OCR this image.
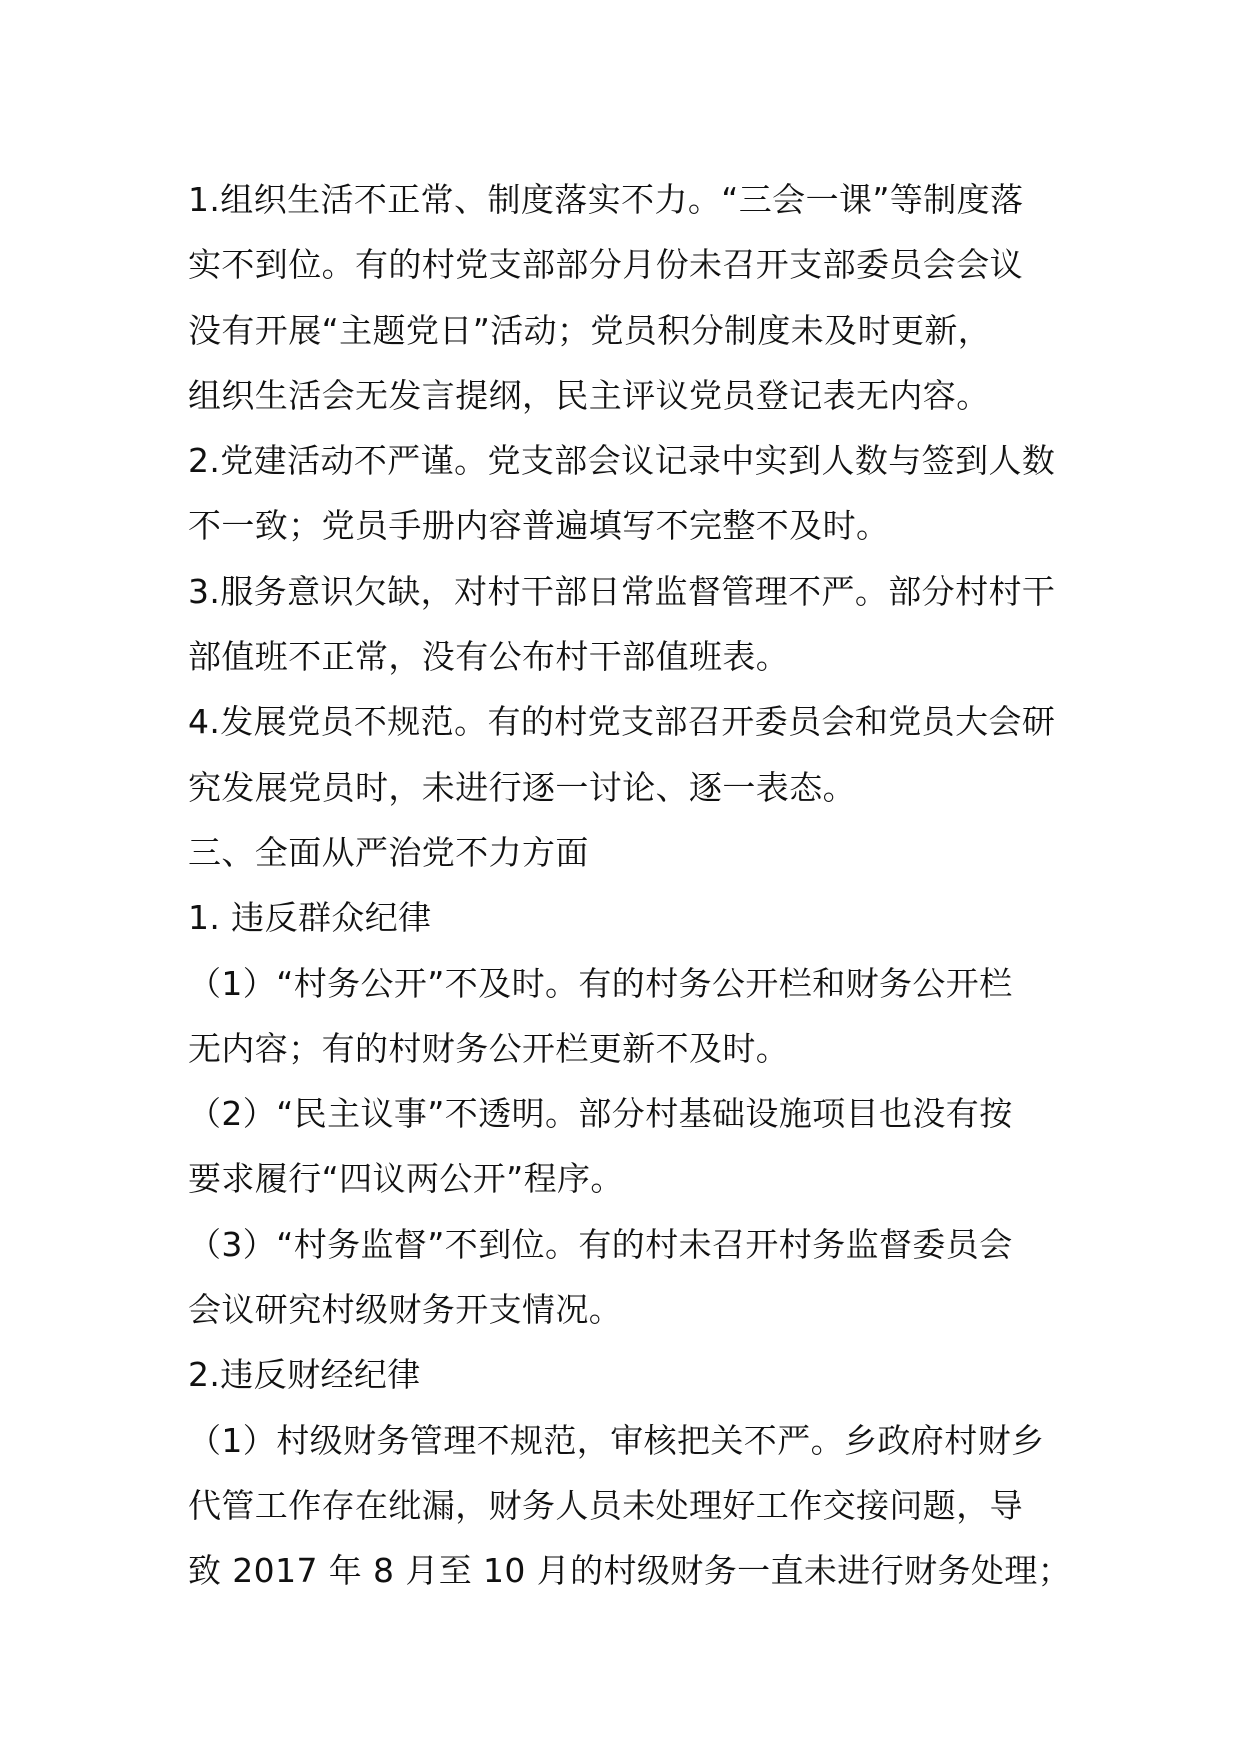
1.组织生活不正常、制度落实不力。“三会一课”等制度落
实不到位。有的村党支部部分月份未召开支部委员会会议
没有开展“主题党日”活动；党员积分制度未及时更新，
组织生活会无发言提纲，民主评议党员登记表无内容。
2.党建活动不严谨。党支部会议记录中实到人数与签到人数
不一致；党员手册内容普遍填写不完整不及时。
3.服务意识欠缺，对村干部日常监督管理不严。部分村村干
部值班不正常，没有公布村干部值班表。
4.发展党员不规范。有的村党支部召开委员会和党员大会研
究发展党员时，未进行逐一讨论、逐一表态。
三、全面从严治党不力方面
1. 违反群众纪律
（1）“村务公开”不及时。有的村务公开栏和财务公开栏
无内容；有的村财务公开栏更新不及时。
（2）“民主议事”不透明。部分村基础设施项目也没有按
要求履行“四议两公开”程序。
（3）“村务监督”不到位。有的村未召开村务监督委员会
会议研究村级财务开支情况。
2.违反财经纪律
（1）村级财务管理不规范，审核把关不严。乡政府村财乡
代管工作存在纰漏，财务人员未处理好工作交接问题，导
致 2017 年 8 月至 10 月的村级财务一直未进行财务处理；
